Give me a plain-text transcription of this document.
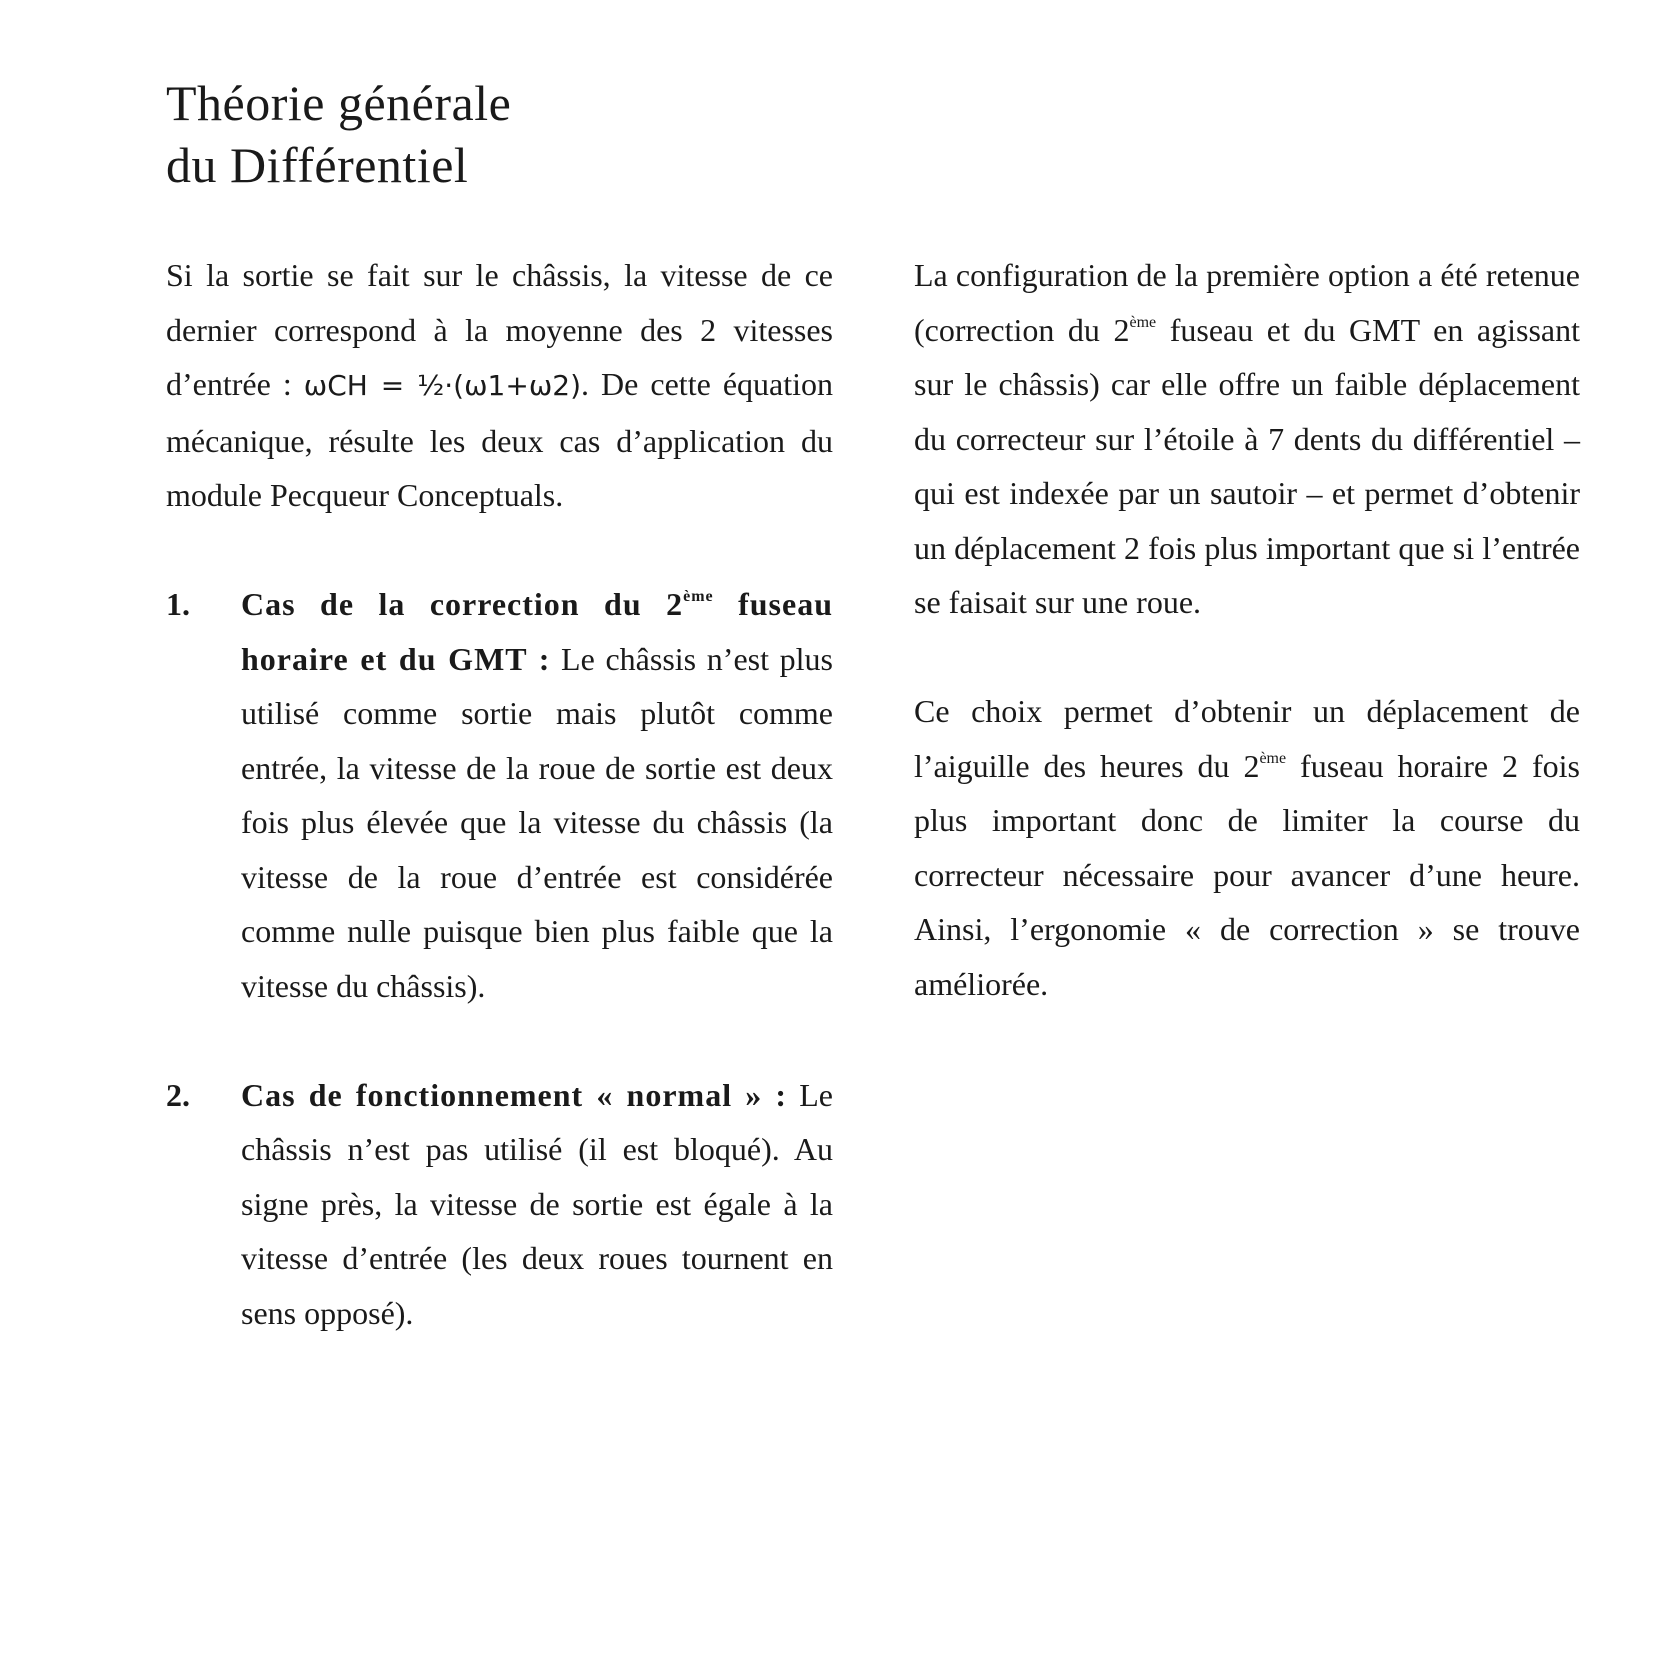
Théorie générale
du Différentiel

Si la sortie se fait sur le châssis, la vitesse de ce dernier correspond à la moyenne des 2 vitesses d’entrée : ωCH = ½·(ω1+ω2). De cette équation mécanique, résulte les deux cas d’application du module Pecqueur Conceptuals.

1. Cas de la correction du 2ème fuseau horaire et du GMT : Le châssis n’est plus utilisé comme sortie mais plutôt comme entrée, la vitesse de la roue de sortie est deux fois plus élevée que la vitesse du châssis (la vitesse de la roue d’entrée est considérée comme nulle puisque bien plus faible que la vitesse du châssis).
2. Cas de fonctionnement « normal » : Le châssis n’est pas utilisé (il est bloqué). Au signe près, la vitesse de sortie est égale à la vitesse d’entrée (les deux roues tournent en sens opposé).

La configuration de la première option a été retenue (correction du 2ème fuseau et du GMT en agissant sur le châssis) car elle offre un faible déplacement du correcteur sur l’étoile à 7 dents du différentiel – qui est indexée par un sautoir – et permet d’obtenir un déplacement 2 fois plus important que si l’entrée se faisait sur une roue.

Ce choix permet d’obtenir un déplacement de l’aiguille des heures du 2ème fuseau horaire 2 fois plus important donc de limiter la course du correcteur nécessaire pour avancer d’une heure. Ainsi, l’ergonomie « de correction » se trouve améliorée.
